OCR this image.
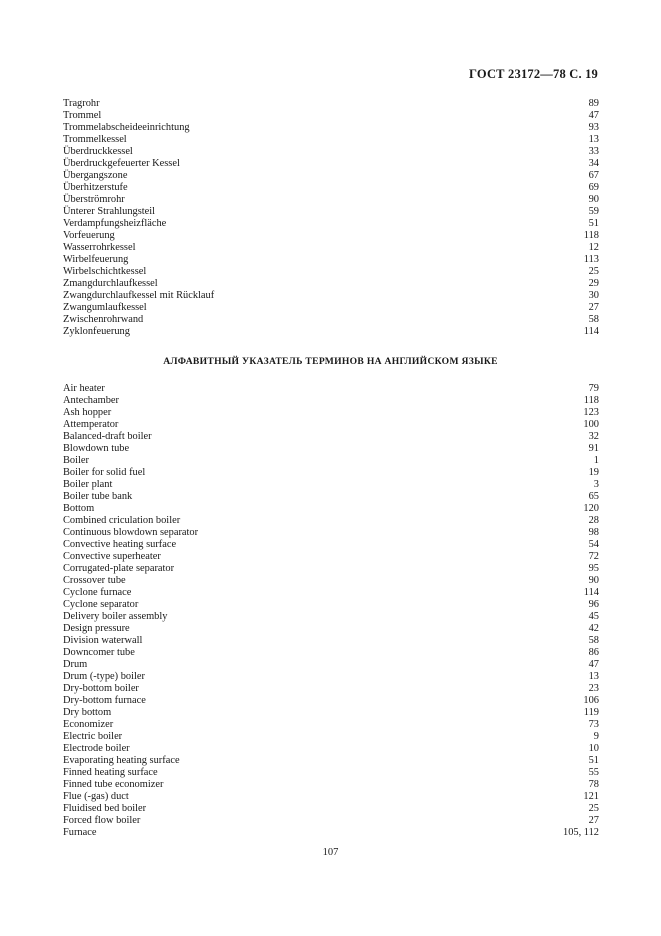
ГОСТ 23172—78 С. 19
Tragrohr	89
Trommel	47
Trommelabscheideeinrichtung	93
Trommelkessel	13
Überdruckkessel	33
Überdruckgefeuerter Kessel	34
Übergangszone	67
Überhitzerstufe	69
Überströmrohr	90
Ünterer Strahlungsteil	59
Verdampfungsheizfläche	51
Vorfeuerung	118
Wasserrohrkessel	12
Wirbelfeuerung	113
Wirbelschichtkessel	25
Zmangdurchlaufkessel	29
Zwangdurchlaufkessel mit Rücklauf	30
Zwangumlaufkessel	27
Zwischenrohrwand	58
Zyklonfeuerung	114
АЛФАВИТНЫЙ УКАЗАТЕЛЬ ТЕРМИНОВ НА АНГЛИЙСКОМ ЯЗЫКЕ
Air heater	79
Antechamber	118
Ash hopper	123
Attemperator	100
Balanced-draft boiler	32
Blowdown tube	91
Boiler	1
Boiler for solid fuel	19
Boiler plant	3
Boiler tube bank	65
Bottom	120
Combined criculation boiler	28
Continuous blowdown separator	98
Convective heating surface	54
Convective superheater	72
Corrugated-plate separator	95
Crossover tube	90
Cyclone furnace	114
Cyclone separator	96
Delivery boiler assembly	45
Design pressure	42
Division waterwall	58
Downcomer tube	86
Drum	47
Drum (-type) boiler	13
Dry-bottom boiler	23
Dry-bottom furnace	106
Dry bottom	119
Economizer	73
Electric boiler	9
Electrode boiler	10
Evaporating heating surface	51
Finned heating surface	55
Finned tube economizer	78
Flue (-gas) duct	121
Fluidised bed boiler	25
Forced flow boiler	27
Furnace	105, 112
107
